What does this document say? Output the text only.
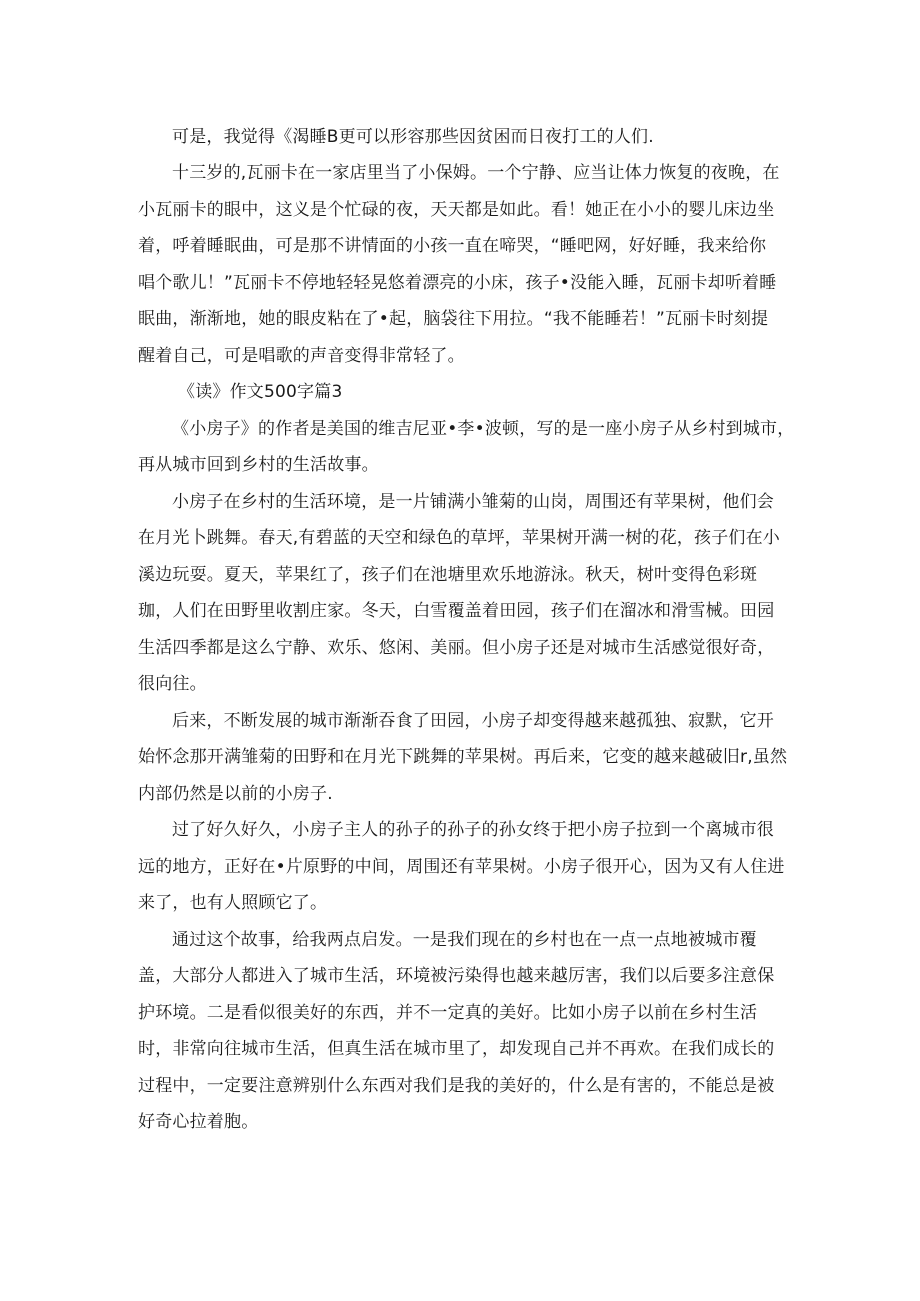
可是，我觉得《渴睡B更可以形容那些因贫困而日夜打工的人们.

十三岁的,瓦丽卡在一家店里当了小保姆。一个宁静、应当让体力恢复的夜晚，在

小瓦丽卡的眼中，这义是个忙碌的夜，天天都是如此。看！她正在小小的婴儿床边坐

着，呼着睡眠曲，可是那不讲情面的小孩一直在啼哭，“睡吧网，好好睡，我来给你

唱个歌儿！”瓦丽卡不停地轻轻晃悠着漂亮的小床，孩子•没能入睡，瓦丽卡却听着睡

眠曲，渐渐地，她的眼皮粘在了•起，脑袋往下用拉。“我不能睡若！”瓦丽卡时刻提

醒着自己，可是唱歌的声音变得非常轻了。

《读》作文500字篇3

《小房子》的作者是美国的维吉尼亚•李•波顿，写的是一座小房子从乡村到城市，

再从城市回到乡村的生活故事。

小房子在乡村的生活环境，是一片铺满小雏菊的山岗，周围还有苹果树，他们会

在月光卜跳舞。春天,有碧蓝的天空和绿色的草坪，苹果树开满一树的花，孩子们在小

溪边玩耍。夏天，苹果红了，孩子们在池塘里欢乐地游泳。秋天，树叶变得色彩斑

珈，人们在田野里收割庄家。冬天，白雪覆盖着田园，孩子们在溜冰和滑雪械。田园

生活四季都是这么宁静、欢乐、悠闲、美丽。但小房子还是对城市生活感觉很好奇，

很向往。

后来，不断发展的城市渐渐吞食了田园，小房子却变得越来越孤独、寂默，它开

始怀念那开满雏菊的田野和在月光下跳舞的苹果树。再后来，它变的越来越破旧r,虽然

内部仍然是以前的小房子.

过了好久好久，小房子主人的孙子的孙子的孙女终于把小房子拉到一个离城市很

远的地方，正好在•片原野的中间，周围还有苹果树。小房子很开心，因为又有人住进

来了，也有人照顾它了。

通过这个故事，给我两点启发。一是我们现在的乡村也在一点一点地被城市覆

盖，大部分人都进入了城市生活，环境被污染得也越来越厉害，我们以后要多注意保

护环境。二是看似很美好的东西，并不一定真的美好。比如小房子以前在乡村生活

时，非常向往城市生活，但真生活在城市里了，却发现自己并不再欢。在我们成长的

过程中，一定要注意辨别什么东西对我们是我的美好的，什么是有害的，不能总是被

好奇心拉着胞。
